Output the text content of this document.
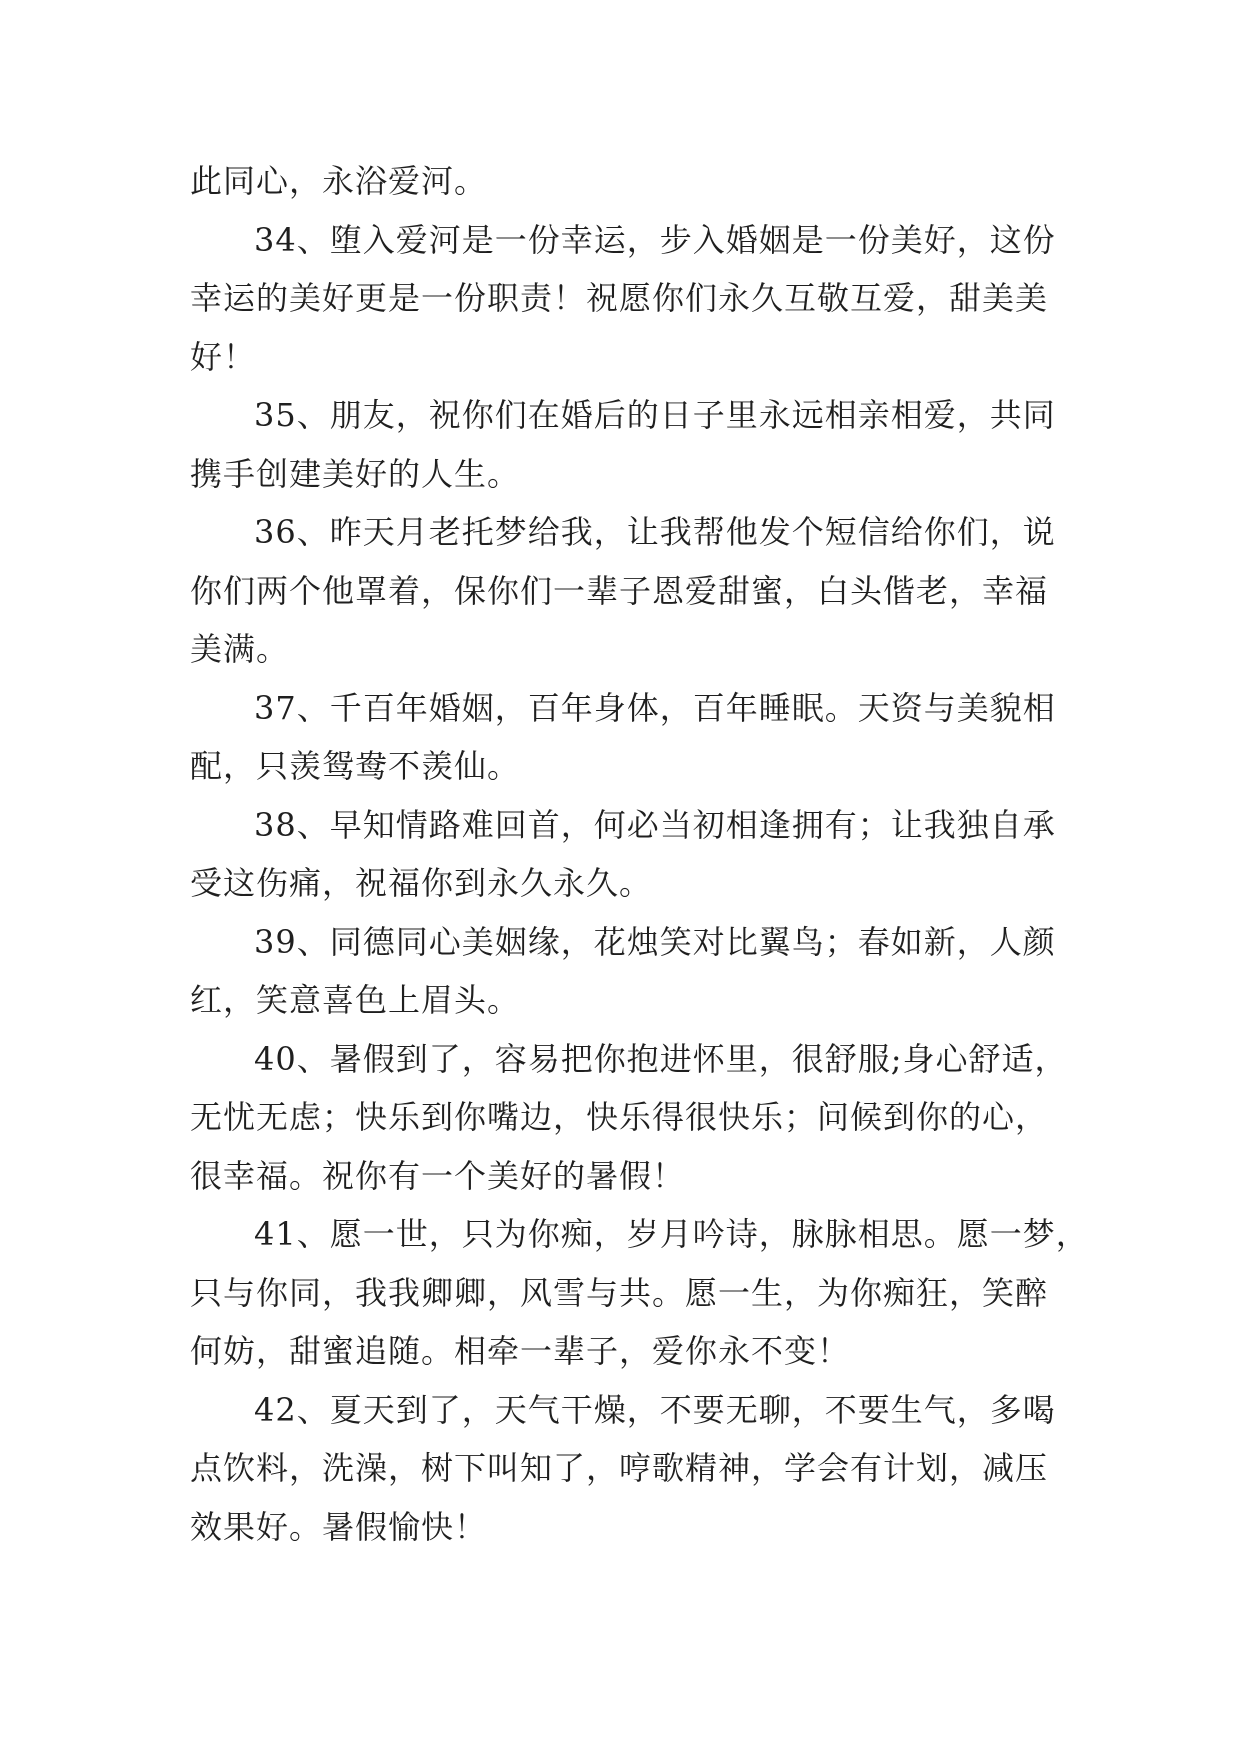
此同心，永浴爱河。
34、堕入爱河是一份幸运，步入婚姻是一份美好，这份
幸运的美好更是一份职责！祝愿你们永久互敬互爱，甜美美
好！
35、朋友，祝你们在婚后的日子里永远相亲相爱，共同
携手创建美好的人生。
36、昨天月老托梦给我，让我帮他发个短信给你们，说
你们两个他罩着，保你们一辈子恩爱甜蜜，白头偕老，幸福
美满。
37、千百年婚姻，百年身体，百年睡眠。天资与美貌相
配，只羡鸳鸯不羡仙。
38、早知情路难回首，何必当初相逢拥有；让我独自承
受这伤痛，祝福你到永久永久。
39、同德同心美姻缘，花烛笑对比翼鸟；春如新，人颜
红，笑意喜色上眉头。
40、暑假到了，容易把你抱进怀里，很舒服;身心舒适，
无忧无虑；快乐到你嘴边，快乐得很快乐；问候到你的心，
很幸福。祝你有一个美好的暑假！
41、愿一世，只为你痴，岁月吟诗，脉脉相思。愿一梦，
只与你同，我我卿卿，风雪与共。愿一生，为你痴狂，笑醉
何妨，甜蜜追随。相牵一辈子，爱你永不变！
42、夏天到了，天气干燥，不要无聊，不要生气，多喝
点饮料，洗澡，树下叫知了，哼歌精神，学会有计划，减压
效果好。暑假愉快！
